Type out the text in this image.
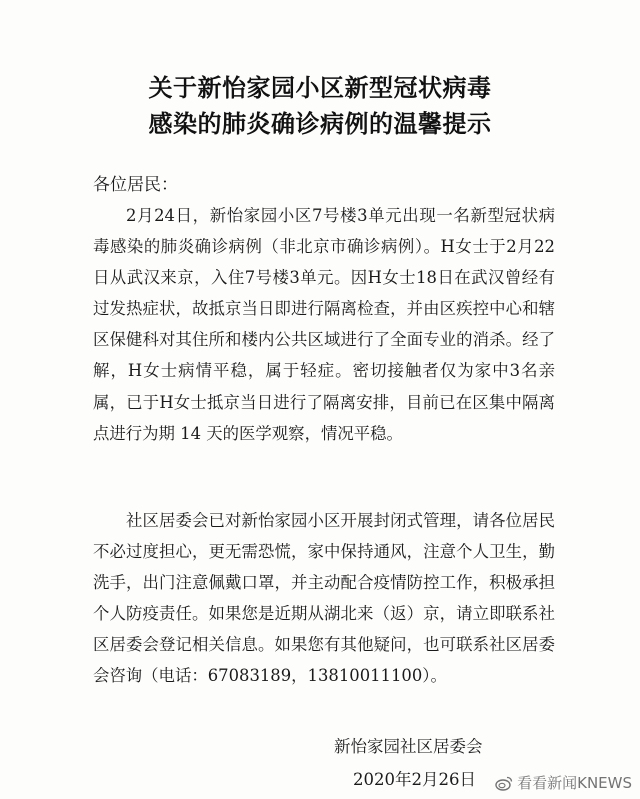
关于新怡家园小区新型冠状病毒
感染的肺炎确诊病例的温馨提示
各位居民：
2月24日，新怡家园小区7号楼3单元出现一名新型冠状病毒感染的肺炎确诊病例（非北京市确诊病例）。H女士于2月22日从武汉来京，入住7号楼3单元。因H女士18日在武汉曾经有过发热症状，故抵京当日即进行隔离检查，并由区疾控中心和辖区保健科对其住所和楼内公共区域进行了全面专业的消杀。经了解，H女士病情平稳，属于轻症。密切接触者仅为家中3名亲属，已于H女士抵京当日进行了隔离安排，目前已在区集中隔离点进行为期 14 天的医学观察，情况平稳。
社区居委会已对新怡家园小区开展封闭式管理，请各位居民不必过度担心，更无需恐慌，家中保持通风，注意个人卫生，勤洗手，出门注意佩戴口罩，并主动配合疫情防控工作，积极承担个人防疫责任。如果您是近期从湖北来（返）京，请立即联系社区居委会登记相关信息。如果您有其他疑问，也可联系社区居委会咨询（电话：67083189，13810011100）。
新怡家园社区居委会
2020年2月26日	看看新闻KNEWS
